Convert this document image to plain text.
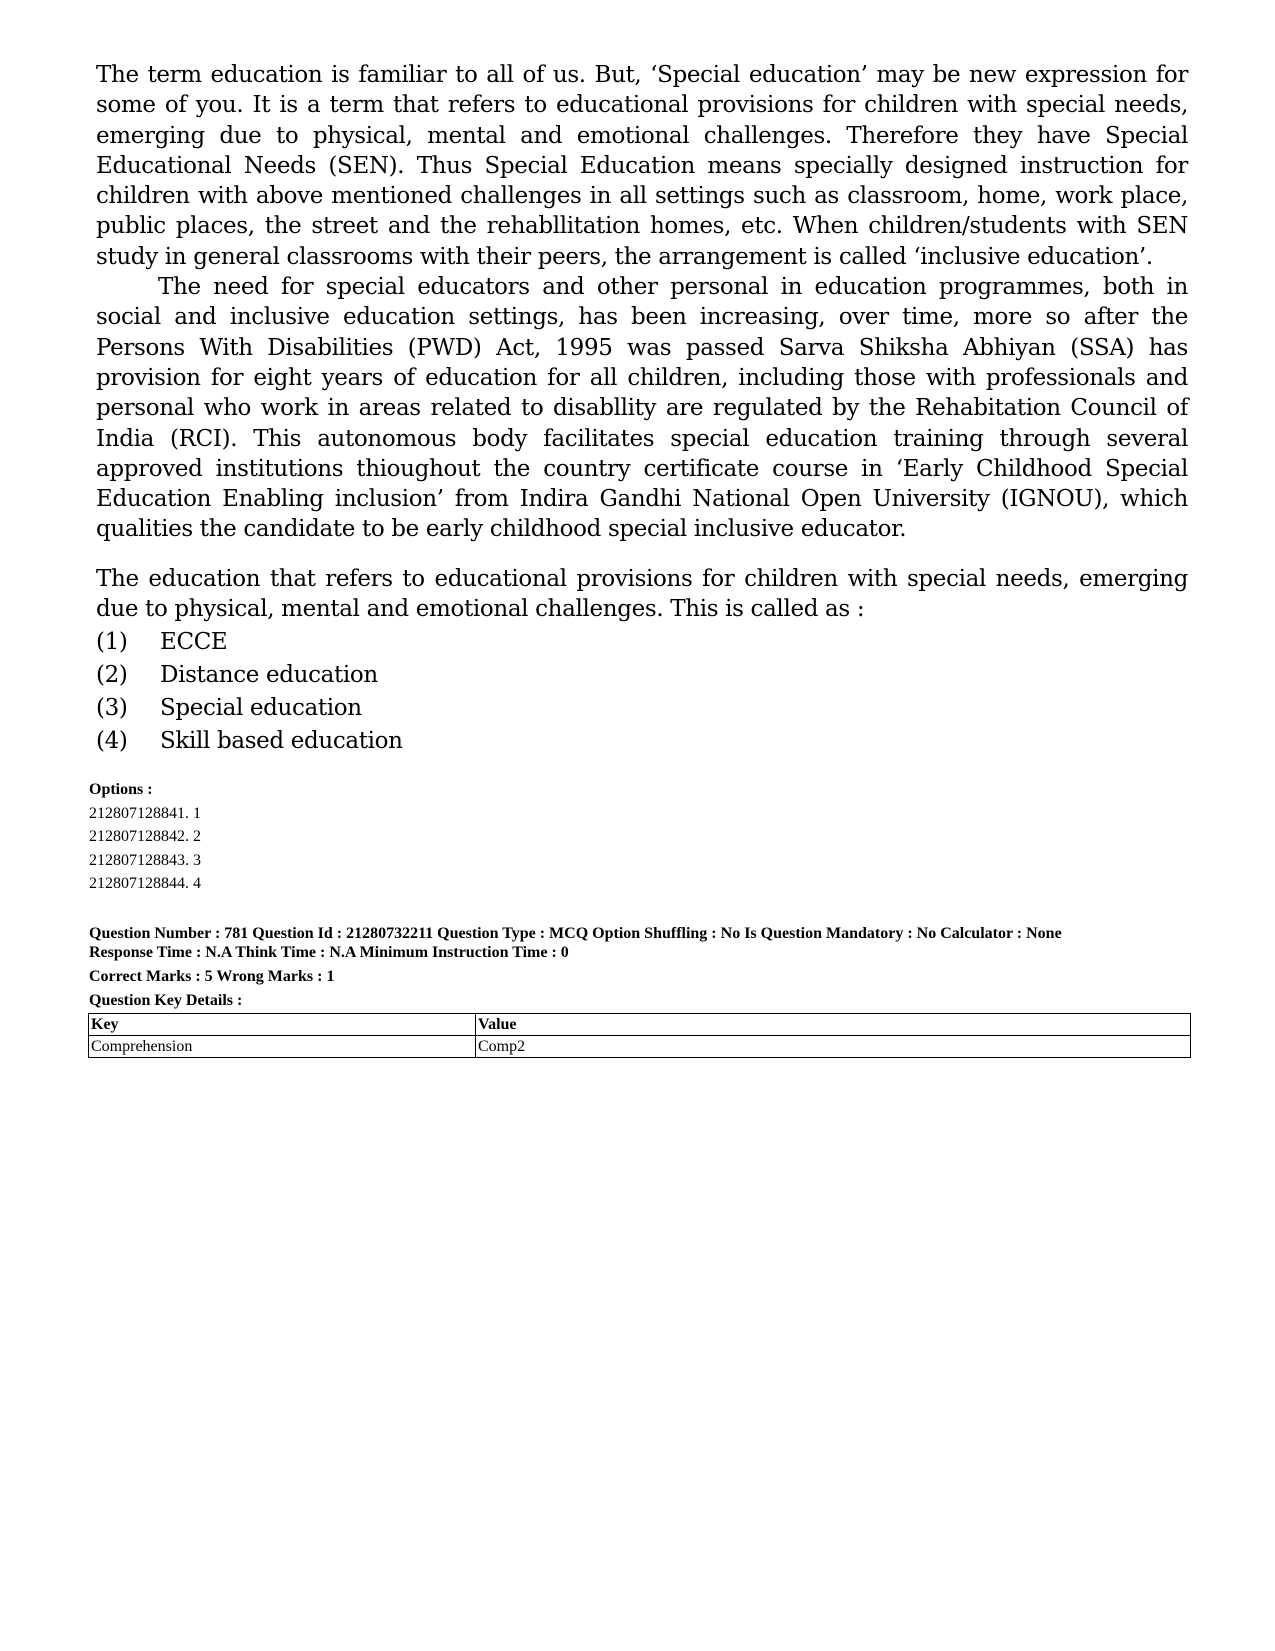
The term education is familiar to all of us. But, ‘Special education’ may be new expression for some of you. It is a term that refers to educational provisions for children with special needs, emerging due to physical, mental and emotional challenges. Therefore they have Special Educational Needs (SEN). Thus Special Education means specially designed instruction for children with above mentioned challenges in all settings such as classroom, home, work place, public places, the street and the rehabllitation homes, etc. When children/students with SEN study in general classrooms with their peers, the arrangement is called ‘inclusive education’.

The need for special educators and other personal in education programmes, both in social and inclusive education settings, has been increasing, over time, more so after the Persons With Disabilities (PWD) Act, 1995 was passed Sarva Shiksha Abhiyan (SSA) has provision for eight years of education for all children, including those with professionals and personal who work in areas related to disabllity are regulated by the Rehabitation Council of India (RCI). This autonomous body facilitates special education training through several approved institutions thioughout the country certificate course in ‘Early Childhood Special Education Enabling inclusion’ from Indira Gandhi National Open University (IGNOU), which qualities the candidate to be early childhood special inclusive educator.

The education that refers to educational provisions for children with special needs, emerging due to physical, mental and emotional challenges. This is called as :

(1)	ECCE
(2)	Distance education
(3)	Special education
(4)	Skill based education
Options :
212807128841. 1
212807128842. 2
212807128843. 3
212807128844. 4
Question Number : 781 Question Id : 21280732211 Question Type : MCQ Option Shuffling : No Is Question Mandatory : No Calculator : None
Response Time : N.A Think Time : N.A Minimum Instruction Time : 0
Correct Marks : 5 Wrong Marks : 1
Question Key Details :
Key	Value
Comprehension	Comp2
